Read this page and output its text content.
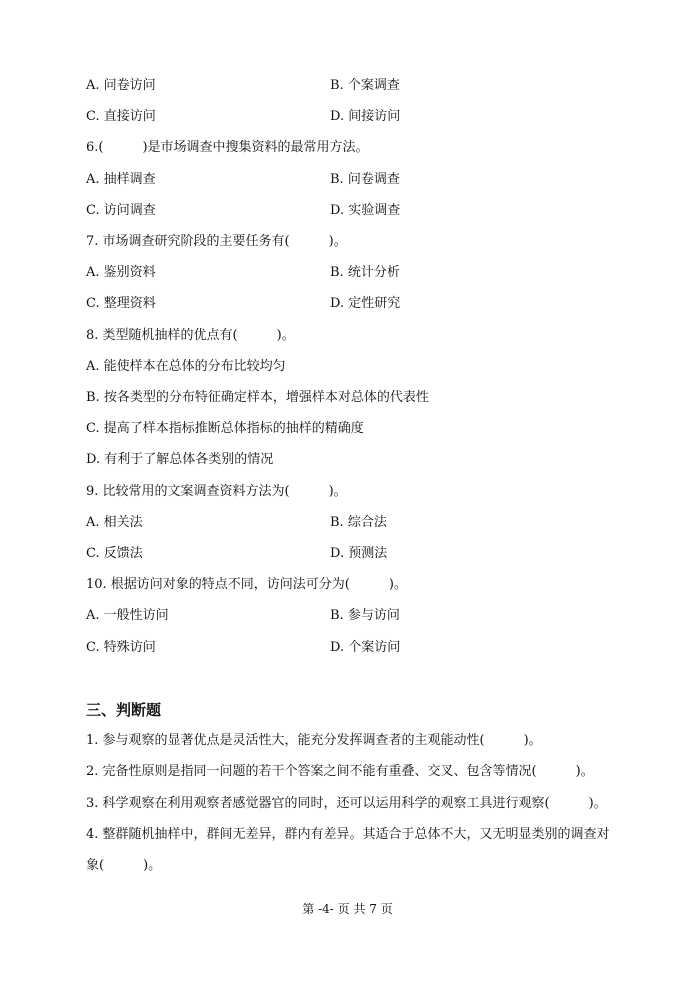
A. 问卷访问	B. 个案调查
C. 直接访问	D. 间接访问
6.(　　　)是市场调查中搜集资料的最常用方法。
A. 抽样调查	B. 问卷调查
C. 访问调查	D. 实验调查
7. 市场调查研究阶段的主要任务有(　　　)。
A. 鉴别资料	B. 统计分析
C. 整理资料	D. 定性研究
8. 类型随机抽样的优点有(　　　)。
A. 能使样本在总体的分布比较均匀
B. 按各类型的分布特征确定样本，增强样本对总体的代表性
C. 提高了样本指标推断总体指标的抽样的精确度
D. 有利于了解总体各类别的情况
9. 比较常用的文案调查资料方法为(　　　)。
A. 相关法	B. 综合法
C. 反馈法	D. 预测法
10. 根据访问对象的特点不同，访问法可分为(　　　)。
A. 一般性访问	B. 参与访问
C. 特殊访问	D. 个案访问
三、判断题
1. 参与观察的显著优点是灵活性大，能充分发挥调查者的主观能动性(　　　)。
2. 完备性原则是指同一问题的若干个答案之间不能有重叠、交叉、包含等情况(　　　)。
3. 科学观察在利用观察者感觉器官的同时，还可以运用科学的观察工具进行观察(　　　)。
4. 整群随机抽样中，群间无差异，群内有差异。其适合于总体不大，又无明显类别的调查对
象(　　　)。
第 -4- 页 共 7 页
